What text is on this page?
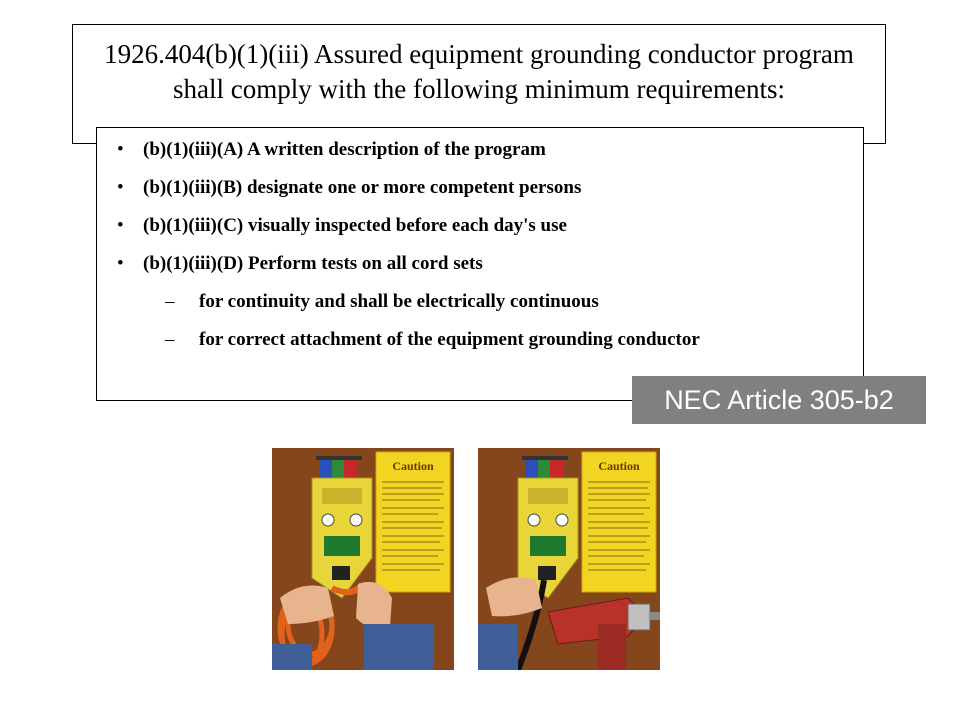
1926.404(b)(1)(iii) Assured equipment grounding conductor program shall comply with the following minimum requirements:
• (b)(1)(iii)(A) A written description of the program
• (b)(1)(iii)(B) designate one or more competent persons
• (b)(1)(iii)(C) visually inspected before each day's use
• (b)(1)(iii)(D) Perform tests on all cord sets
– for continuity and shall be electrically continuous
– for correct attachment of the equipment grounding conductor
NEC Article 305-b2
Caution	Caution
